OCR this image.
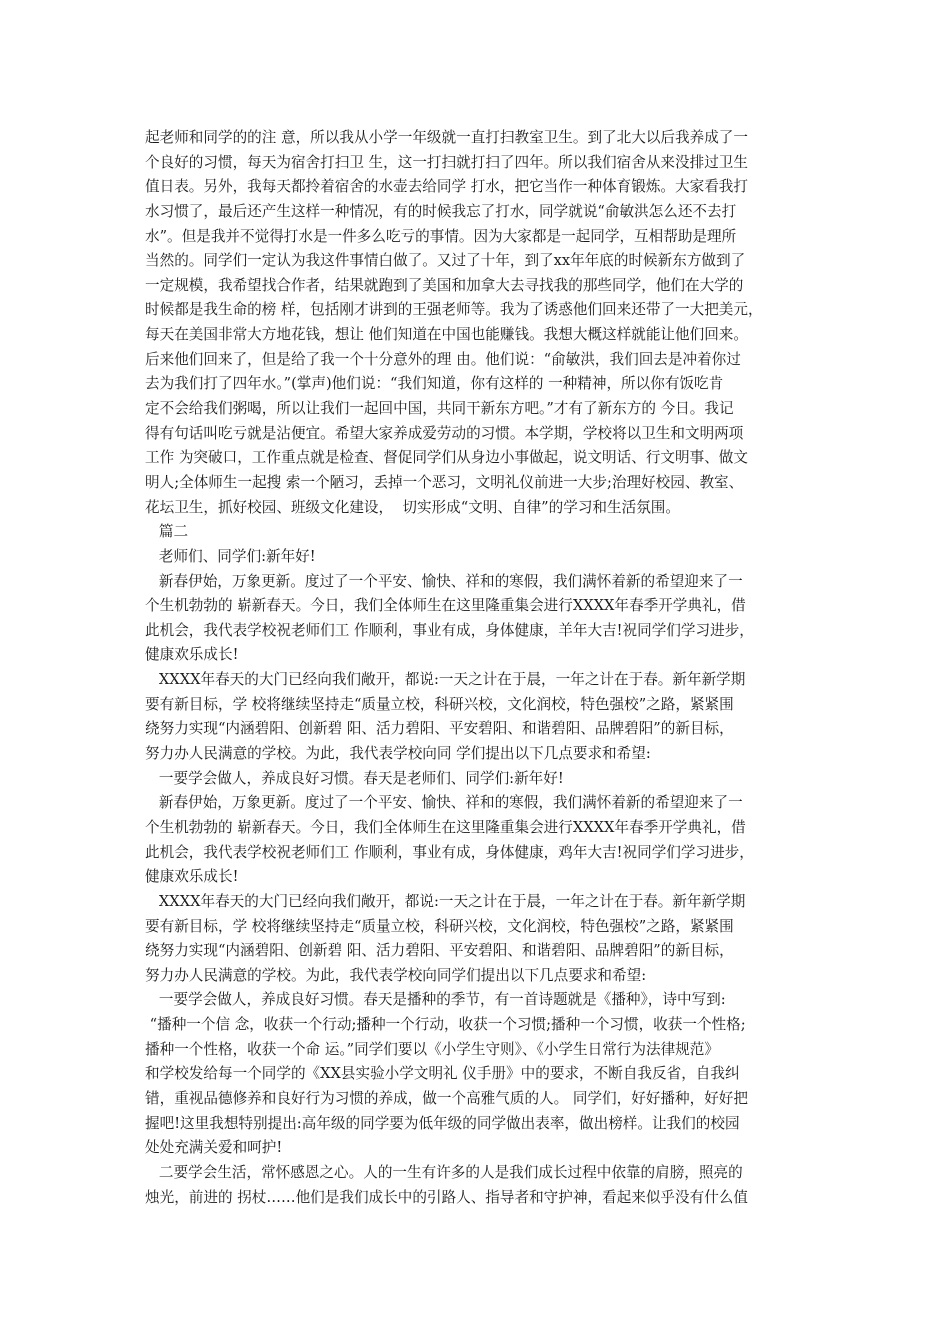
起老师和同学的的注 意，所以我从小学一年级就一直打扫教室卫生。到了北大以后我养成了一
个良好的习惯，每天为宿舍打扫卫 生，这一打扫就打扫了四年。所以我们宿舍从来没排过卫生
值日表。另外，我每天都拎着宿舍的水壶去给同学 打水，把它当作一种体育锻炼。大家看我打
水习惯了，最后还产生这样一种情况，有的时候我忘了打水，同学就说“俞敏洪怎么还不去打
水”。但是我并不觉得打水是一件多么吃亏的事情。因为大家都是一起同学，互相帮助是理所
当然的。同学们一定认为我这件事情白做了。又过了十年，到了xx年年底的时候新东方做到了
一定规模，我希望找合作者，结果就跑到了美国和加拿大去寻找我的那些同学，他们在大学的
时候都是我生命的榜 样，包括刚才讲到的王强老师等。我为了诱惑他们回来还带了一大把美元，
每天在美国非常大方地花钱，想让 他们知道在中国也能赚钱。我想大概这样就能让他们回来。
后来他们回来了，但是给了我一个十分意外的理 由。他们说：“俞敏洪，我们回去是冲着你过
去为我们打了四年水。”(掌声)他们说：“我们知道，你有这样的 一种精神，所以你有饭吃肯
定不会给我们粥喝，所以让我们一起回中国，共同干新东方吧。”才有了新东方的 今日。我记
得有句话叫吃亏就是沾便宜。希望大家养成爱劳动的习惯。本学期，学校将以卫生和文明两项
工作 为突破口，工作重点就是检查、督促同学们从身边小事做起，说文明话、行文明事、做文
明人;全体师生一起搜 索一个陋习，丢掉一个恶习，文明礼仪前进一大步;治理好校园、教室、
花坛卫生，抓好校园、班级文化建设，  切实形成“文明、自律”的学习和生活氛围。
篇二
老师们、同学们:新年好!
新春伊始，万象更新。度过了一个平安、愉快、祥和的寒假，我们满怀着新的希望迎来了一
个生机勃勃的 崭新春天。今日，我们全体师生在这里隆重集会进行XXXX年春季开学典礼，借
此机会，我代表学校祝老师们工 作顺利，事业有成，身体健康，羊年大吉!祝同学们学习进步，
健康欢乐成长!
XXXX年春天的大门已经向我们敞开，都说:一天之计在于晨，一年之计在于春。新年新学期
要有新目标，学 校将继续坚持走“质量立校，科研兴校，文化润校，特色强校”之路，紧紧围
绕努力实现“内涵碧阳、创新碧 阳、活力碧阳、平安碧阳、和谐碧阳、品牌碧阳”的新目标，
努力办人民满意的学校。为此，我代表学校向同 学们提出以下几点要求和希望:
一要学会做人，养成良好习惯。春天是老师们、同学们:新年好!
新春伊始，万象更新。度过了一个平安、愉快、祥和的寒假，我们满怀着新的希望迎来了一
个生机勃勃的 崭新春天。今日，我们全体师生在这里隆重集会进行XXXX年春季开学典礼，借
此机会，我代表学校祝老师们工 作顺利，事业有成，身体健康，鸡年大吉!祝同学们学习进步，
健康欢乐成长!
XXXX年春天的大门已经向我们敞开，都说:一天之计在于晨，一年之计在于春。新年新学期
要有新目标，学 校将继续坚持走“质量立校，科研兴校，文化润校，特色强校”之路，紧紧围
绕努力实现“内涵碧阳、创新碧 阳、活力碧阳、平安碧阳、和谐碧阳、品牌碧阳”的新目标，
努力办人民满意的学校。为此，我代表学校向同学们提出以下几点要求和希望:
一要学会做人，养成良好习惯。春天是播种的季节，有一首诗题就是《播种》，诗中写到:
“播种一个信 念，收获一个行动;播种一个行动，收获一个习惯;播种一个习惯，收获一个性格;
播种一个性格，收获一个命 运。”同学们要以《小学生守则》、《小学生日常行为法律规范》
和学校发给每一个同学的《XX县实验小学文明礼 仪手册》中的要求，不断自我反省，自我纠
错，重视品德修养和良好行为习惯的养成，做一个高雅气质的人。 同学们，好好播种，好好把
握吧!这里我想特别提出:高年级的同学要为低年级的同学做出表率，做出榜样。让我们的校园
处处充满关爱和呵护!
二要学会生活，常怀感恩之心。人的一生有许多的人是我们成长过程中依靠的肩膀，照亮的
烛光，前进的 拐杖……他们是我们成长中的引路人、指导者和守护神，看起来似乎没有什么值
